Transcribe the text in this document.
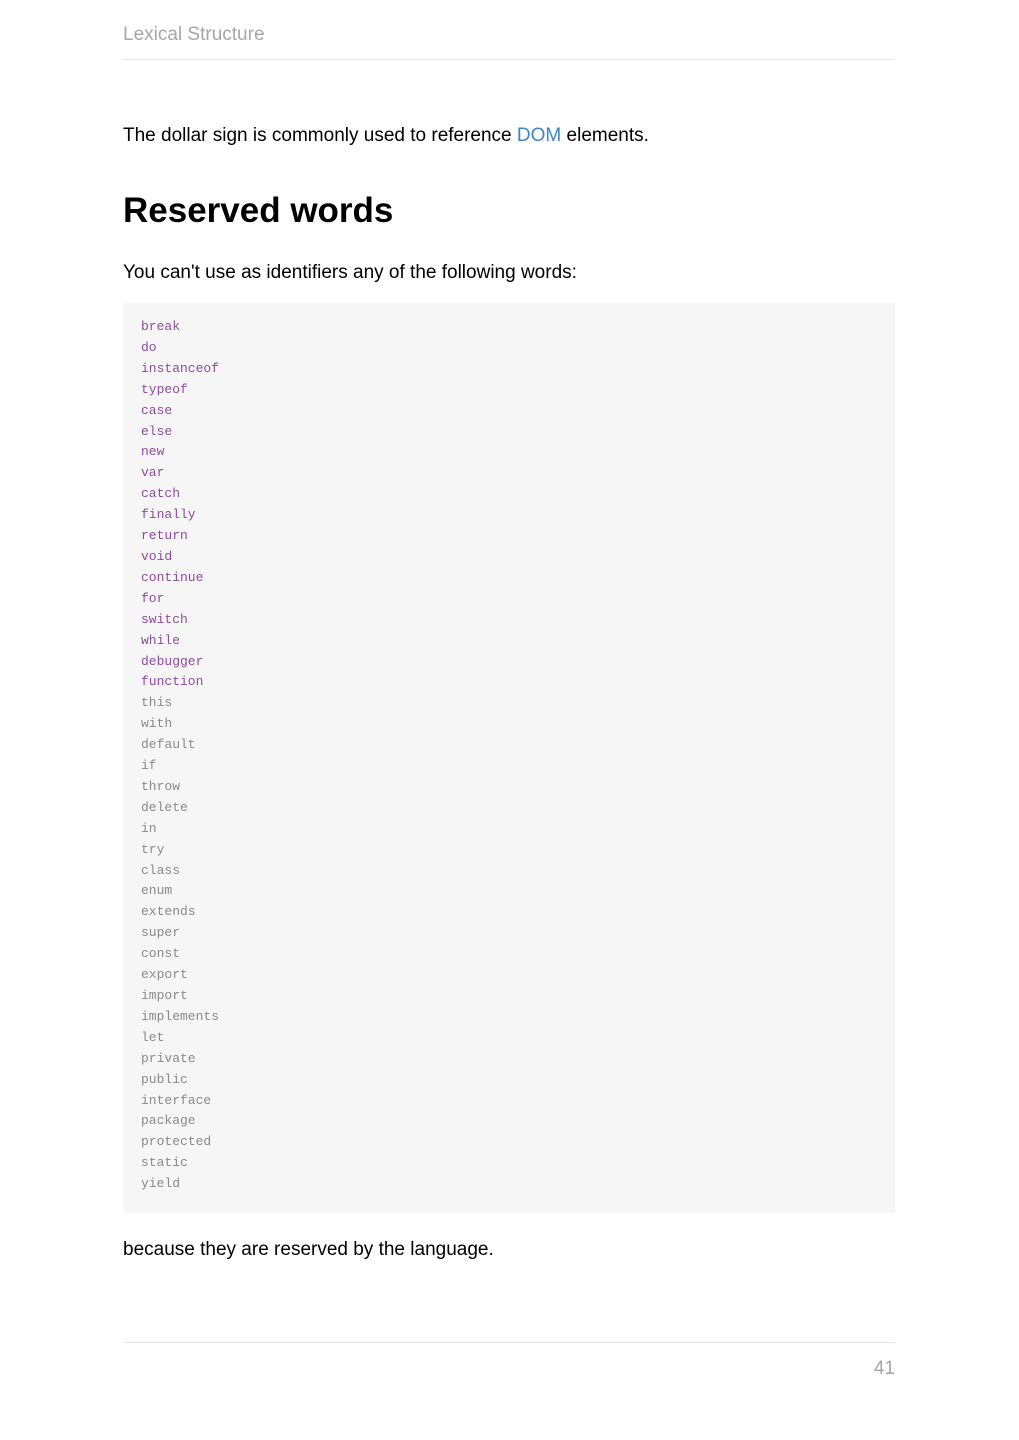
Lexical Structure

The dollar sign is commonly used to reference DOM elements.

Reserved words

You can't use as identifiers any of the following words:

break
do
instanceof
typeof
case
else
new
var
catch
finally
return
void
continue
for
switch
while
debugger
function
this
with
default
if
throw
delete
in
try
class
enum
extends
super
const
export
import
implements
let
private
public
interface
package
protected
static
yield

because they are reserved by the language.

41
